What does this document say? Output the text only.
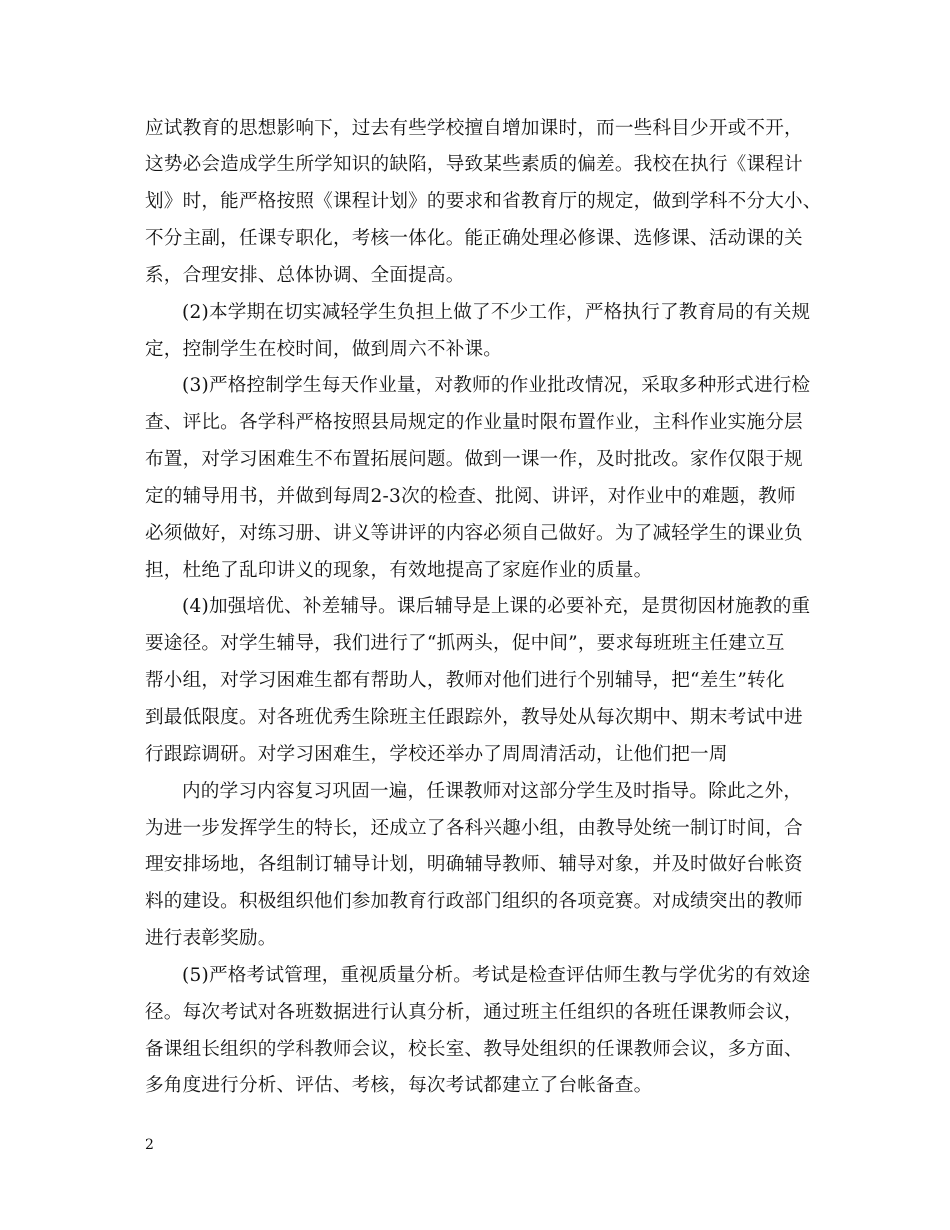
应试教育的思想影响下，过去有些学校擅自增加课时，而一些科目少开或不开，
这势必会造成学生所学知识的缺陷，导致某些素质的偏差。我校在执行《课程计
划》时，能严格按照《课程计划》的要求和省教育厅的规定，做到学科不分大小、
不分主副，任课专职化，考核一体化。能正确处理必修课、选修课、活动课的关
系，合理安排、总体协调、全面提高。
(2)本学期在切实减轻学生负担上做了不少工作，严格执行了教育局的有关规
定，控制学生在校时间，做到周六不补课。
(3)严格控制学生每天作业量，对教师的作业批改情况，采取多种形式进行检
查、评比。各学科严格按照县局规定的作业量时限布置作业，主科作业实施分层
布置，对学习困难生不布置拓展问题。做到一课一作，及时批改。家作仅限于规
定的辅导用书，并做到每周2-3次的检查、批阅、讲评，对作业中的难题，教师
必须做好，对练习册、讲义等讲评的内容必须自己做好。为了减轻学生的课业负
担，杜绝了乱印讲义的现象，有效地提高了家庭作业的质量。
(4)加强培优、补差辅导。课后辅导是上课的必要补充，是贯彻因材施教的重
要途径。对学生辅导，我们进行了“抓两头，促中间”，要求每班班主任建立互
帮小组，对学习困难生都有帮助人，教师对他们进行个别辅导，把“差生”转化
到最低限度。对各班优秀生除班主任跟踪外，教导处从每次期中、期末考试中进
行跟踪调研。对学习困难生，学校还举办了周周清活动，让他们把一周
内的学习内容复习巩固一遍，任课教师对这部分学生及时指导。除此之外，
为进一步发挥学生的特长，还成立了各科兴趣小组，由教导处统一制订时间，合
理安排场地，各组制订辅导计划，明确辅导教师、辅导对象，并及时做好台帐资
料的建设。积极组织他们参加教育行政部门组织的各项竞赛。对成绩突出的教师
进行表彰奖励。
(5)严格考试管理，重视质量分析。考试是检查评估师生教与学优劣的有效途
径。每次考试对各班数据进行认真分析，通过班主任组织的各班任课教师会议，
备课组长组织的学科教师会议，校长室、教导处组织的任课教师会议，多方面、
多角度进行分析、评估、考核，每次考试都建立了台帐备查。
2
